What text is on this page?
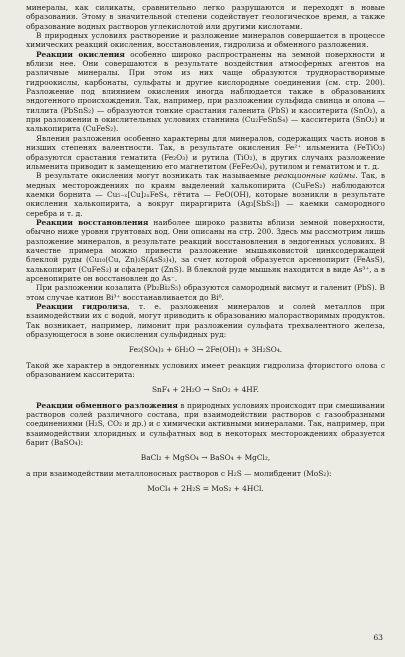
минералы, как силикаты, сравнительно легко разрушаются и переходят в новые образования. Этому в значительной степени содействует геологическое время, а также образование водных растворов углекислотой или другими кислотами.

В природных условиях растворение и разложение минералов совершается в процессе химических реакций окисления, восстановления, гидролиза и обменного разложения.

Реакции окисления особенно широко распространены на земной поверхности и вблизи нее. Они совершаются в результате воздействия атмосферных агентов на различные минералы. При этом из них чаще образуются труднорастворимые гидроокислы, карбонаты, сульфаты и другие кислородные соединения (см. стр. 200). Разложение под влиянием окисления иногда наблюдается также в образованиях эндогенного происхождения. Так, например, при разложении сульфида свинца и олова — тиллита (PbSnS₂) — образуются тонкие срастания галенита (PbS) и касситерита (SnO₂), а при разложении в окислительных условиях станнина (Cu₂FeSnS₄) — касситерита (SnO₂) и халькопирита (CuFeS₂).

Явления разложения особенно характерны для минералов, содержащих часть ионов в низших степенях валентности. Так, в результате окисления Fe²⁺ ильменита (FeTiO₃) образуются срастания гематита (Fe₂O₃) и рутила (TiO₂), в других случаях разложение ильменита приводит к замещению его магнетитом (FeFe₂O₄), рутилом и гематитом и т. д.

В результате окисления могут возникать так называемые реакционные каймы. Так, в медных месторождениях по краям выделений халькопирита (CuFeS₂) наблюдаются каемки борнита — Cu₅₋ₓ[Cu]₂ₓFeS₄, гётита — FeO(OH), которые возникли в результате окисления халькопирита, а вокруг пираргирита (Ag₃[SbS₃]) — каемки самородного серебра и т. д.

Реакции восстановления наиболее широко развиты вблизи земной поверхности, обычно ниже уровня грунтовых вод. Они описаны на стр. 200. Здесь мы рассмотрим лишь разложение минералов, в результате реакций восстановления в эндогенных условиях. В качестве примера можно привести разложение мышьяковистой цинксодержащей блеклой руды (Cu₁₀(Cu, Zn)₂S(AsS₃)₄), за счет которой образуется арсенопирит (FeAsS), халькопирит (CuFeS₂) и сфалерит (ZnS). В блеклой руде мышьяк находится в виде As³⁺, а в арсенопирите он восстановлен до As⁻.

При разложении козалита (Pb₂Bi₂S₅) образуются самородный висмут и галенит (PbS). В этом случае катион Bi³⁺ восстанавливается до Bi⁰.

Реакции гидролиза, т. е. разложения минералов и солей металлов при взаимодействии их с водой, могут приводить к образованию малорастворимых продуктов. Так возникает, например, лимонит при разложении сульфата трехвалентного железа, образующегося в зоне окисления сульфидных руд:

Fe₂(SO₄)₃ + 6H₂O → 2Fe(OH)₃ + 3H₂SO₄.

Такой же характер в эндогенных условиях имеет реакция гидролиза фтористого олова с образованием касситерита:

SnF₄ + 2H₂O → SnO₂ + 4HF.

Реакции обменного разложения в природных условиях происходят при смешивании растворов солей различного состава, при взаимодействии растворов с газообразными соединениями (H₂S, CO₂ и др.) и с химически активными минералами. Так, например, при взаимодействии хлоридных и сульфатных вод в некоторых месторождениях образуется барит (BaSO₄):

BaCl₂ + MgSO₄ → BaSO₄ + MgCl₂,

а при взаимодействии металлоносных растворов с H₂S — молибденит (MoS₂):

MoCl₄ + 2H₂S = MoS₂ + 4HCl.
63
